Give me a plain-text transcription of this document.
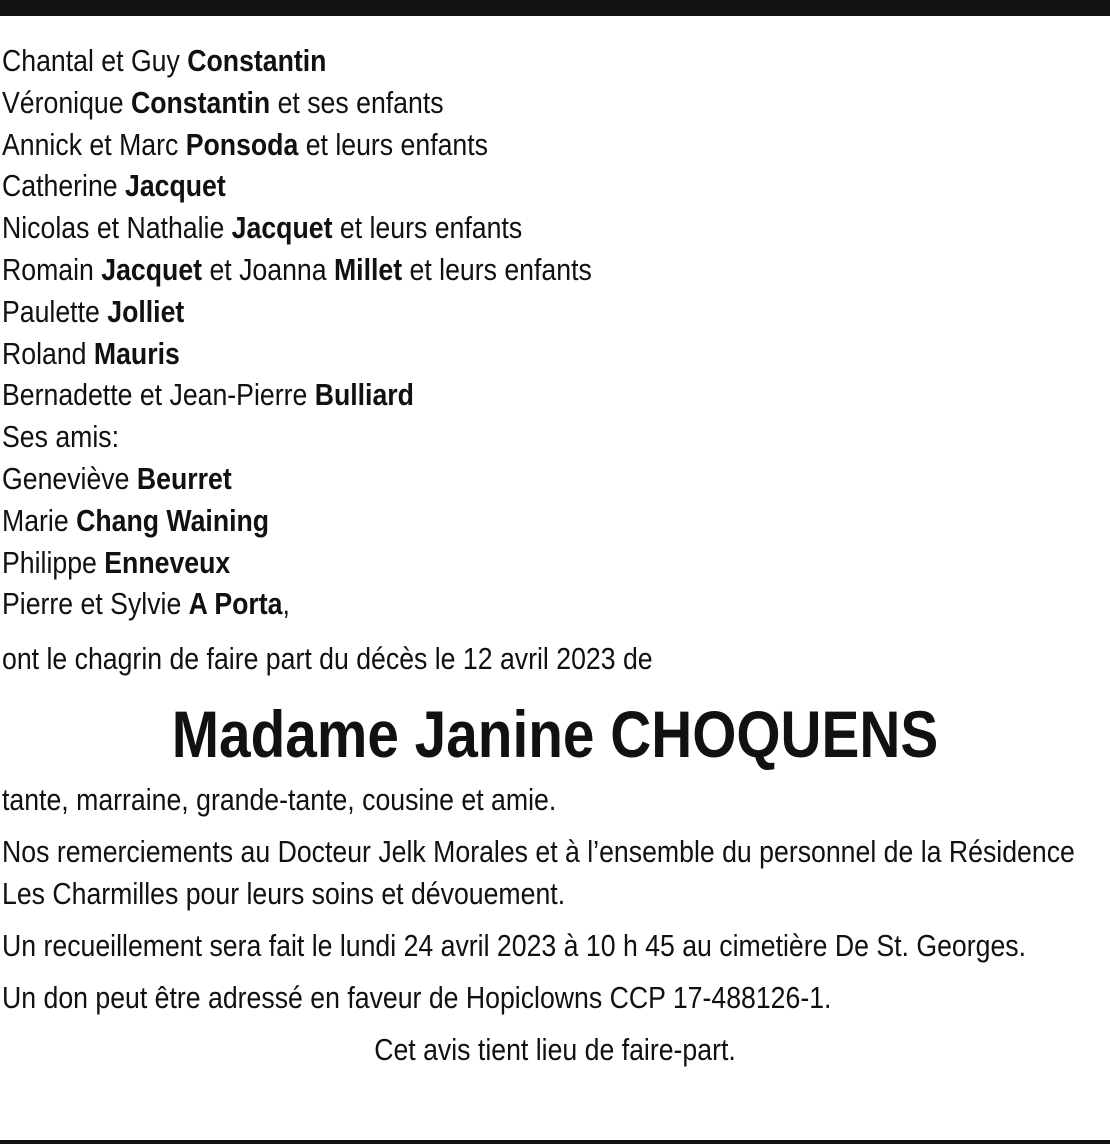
Chantal et Guy Constantin
Véronique Constantin et ses enfants
Annick et Marc Ponsoda et leurs enfants
Catherine Jacquet
Nicolas et Nathalie Jacquet et leurs enfants
Romain Jacquet et Joanna Millet et leurs enfants
Paulette Jolliet
Roland Mauris
Bernadette et Jean-Pierre Bulliard
Ses amis:
Geneviève Beurret
Marie Chang Waining
Philippe Enneveux
Pierre et Sylvie A Porta,
ont le chagrin de faire part du décès le 12 avril 2023 de
Madame Janine CHOQUENS
tante, marraine, grande-tante, cousine et amie.
Nos remerciements au Docteur Jelk Morales et à l’ensemble du personnel de la Résidence Les Charmilles pour leurs soins et dévouement.
Un recueillement sera fait le lundi 24 avril 2023 à 10 h 45 au cimetière De St. Georges.
Un don peut être adressé en faveur de Hopiclowns CCP 17-488126-1.
Cet avis tient lieu de faire-part.
